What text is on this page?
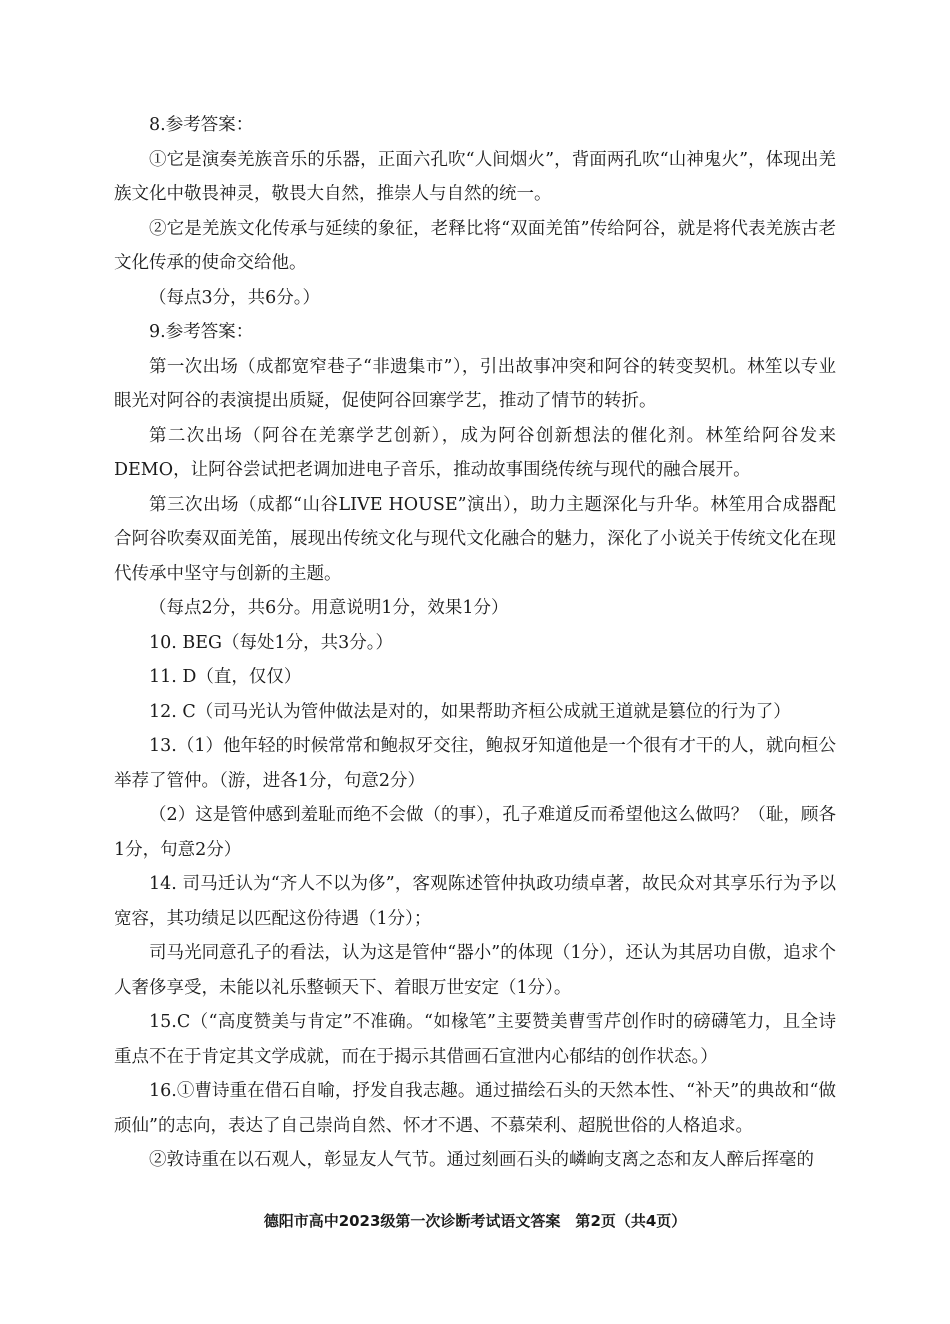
8.参考答案：

①它是演奏羌族音乐的乐器，正面六孔吹“人间烟火”，背面两孔吹“山神鬼火”，体现出羌族文化中敬畏神灵，敬畏大自然，推崇人与自然的统一。

②它是羌族文化传承与延续的象征，老释比将“双面羌笛”传给阿谷，就是将代表羌族古老文化传承的使命交给他。

（每点3分，共6分。）

9.参考答案：

第一次出场（成都宽窄巷子“非遗集市”），引出故事冲突和阿谷的转变契机。林笙以专业眼光对阿谷的表演提出质疑，促使阿谷回寨学艺，推动了情节的转折。

第二次出场（阿谷在羌寨学艺创新），成为阿谷创新想法的催化剂。林笙给阿谷发来DEMO，让阿谷尝试把老调加进电子音乐，推动故事围绕传统与现代的融合展开。

第三次出场（成都“山谷LIVE HOUSE”演出），助力主题深化与升华。林笙用合成器配合阿谷吹奏双面羌笛，展现出传统文化与现代文化融合的魅力，深化了小说关于传统文化在现代传承中坚守与创新的主题。

（每点2分，共6分。用意说明1分，效果1分）

10. BEG（每处1分，共3分。）

11. D（直，仅仅）

12. C（司马光认为管仲做法是对的，如果帮助齐桓公成就王道就是篡位的行为了）

13.（1）他年轻的时候常常和鲍叔牙交往，鲍叔牙知道他是一个很有才干的人，就向桓公举荐了管仲。（游，进各1分，句意2分）

（2）这是管仲感到羞耻而绝不会做（的事），孔子难道反而希望他这么做吗？（耻，顾各1分，句意2分）

14. 司马迁认为“齐人不以为侈”，客观陈述管仲执政功绩卓著，故民众对其享乐行为予以宽容，其功绩足以匹配这份待遇（1分）；

司马光同意孔子的看法，认为这是管仲“器小”的体现（1分），还认为其居功自傲，追求个人奢侈享受，未能以礼乐整顿天下、着眼万世安定（1分）。

15.C（“高度赞美与肯定”不准确。“如椽笔”主要赞美曹雪芹创作时的磅礴笔力，且全诗重点不在于肯定其文学成就，而在于揭示其借画石宣泄内心郁结的创作状态。）

16.①曹诗重在借石自喻，抒发自我志趣。通过描绘石头的天然本性、“补天”的典故和“做顽仙”的志向，表达了自己崇尚自然、怀才不遇、不慕荣利、超脱世俗的人格追求。

②敦诗重在以石观人，彰显友人气节。通过刻画石头的嶙峋支离之态和友人醉后挥毫的

德阳市高中2023级第一次诊断考试语文答案　第2页（共4页）
